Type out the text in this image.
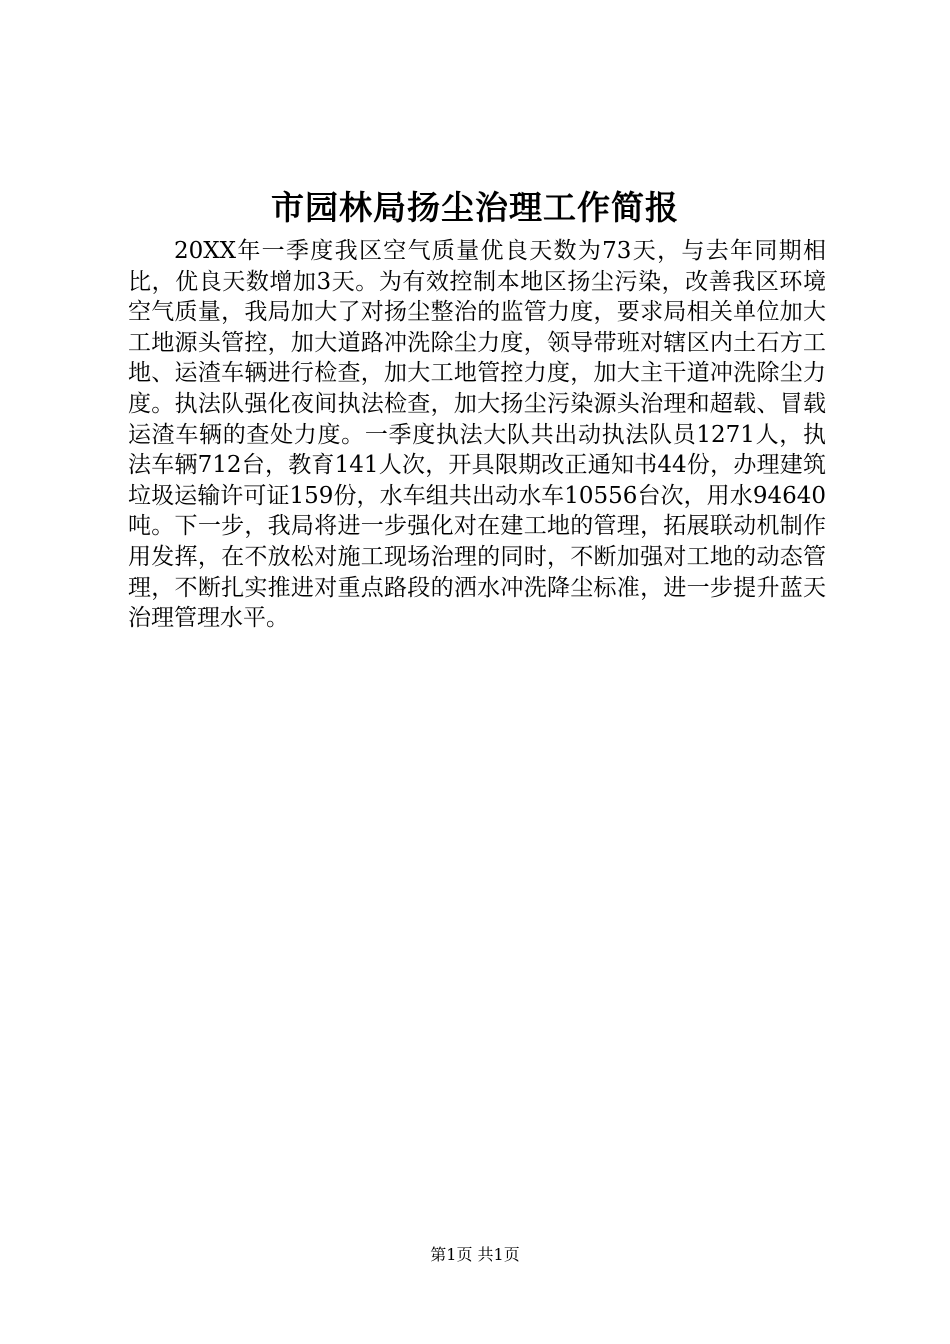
市园林局扬尘治理工作简报

20XX年一季度我区空气质量优良天数为73天，与去年同期相比，优良天数增加3天。为有效控制本地区扬尘污染，改善我区环境空气质量，我局加大了对扬尘整治的监管力度，要求局相关单位加大工地源头管控，加大道路冲洗除尘力度，领导带班对辖区内土石方工地、运渣车辆进行检查，加大工地管控力度，加大主干道冲洗除尘力度。执法队强化夜间执法检查，加大扬尘污染源头治理和超载、冒载运渣车辆的查处力度。一季度执法大队共出动执法队员1271人，执法车辆712台，教育141人次，开具限期改正通知书44份，办理建筑垃圾运输许可证159份，水车组共出动水车10556台次，用水94640吨。下一步，我局将进一步强化对在建工地的管理，拓展联动机制作用发挥，在不放松对施工现场治理的同时，不断加强对工地的动态管理，不断扎实推进对重点路段的洒水冲洗降尘标准，进一步提升蓝天治理管理水平。

第1页 共1页
